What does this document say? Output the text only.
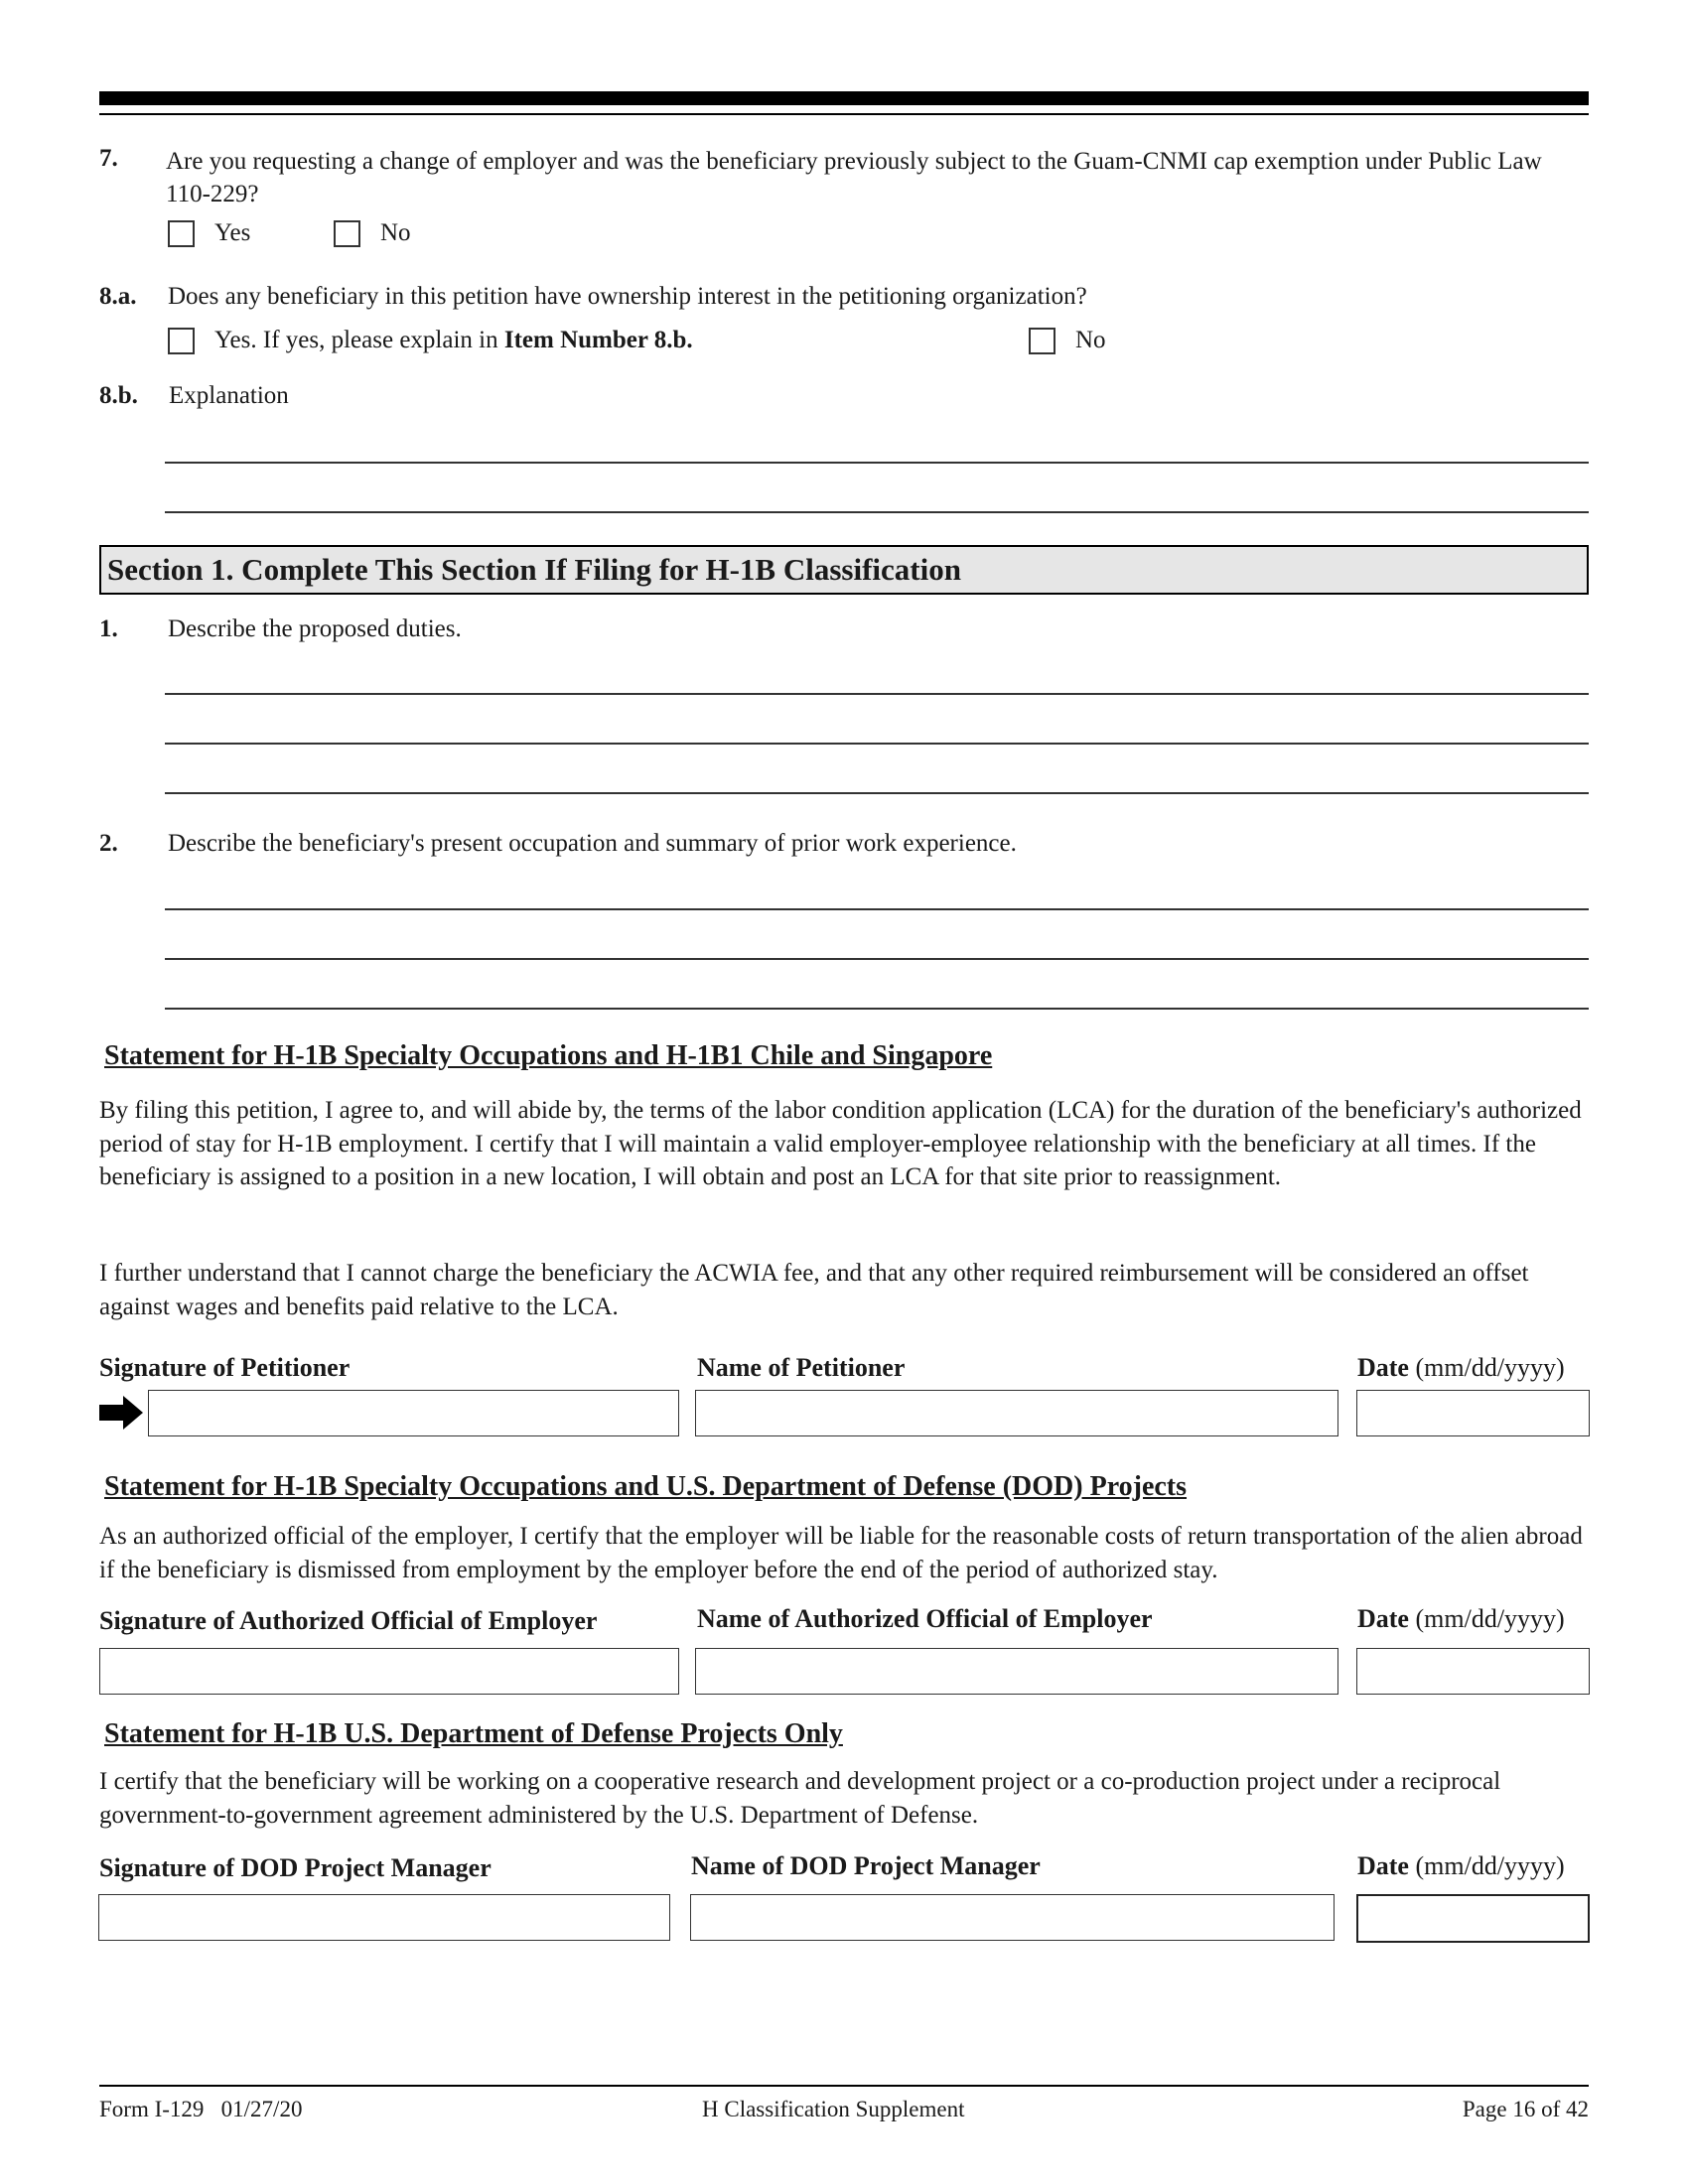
7. Are you requesting a change of employer and was the beneficiary previously subject to the Guam-CNMI cap exemption under Public Law 110-229?
Yes	No
8.a. Does any beneficiary in this petition have ownership interest in the petitioning organization?
Yes. If yes, please explain in Item Number 8.b.	No
8.b. Explanation
Section 1. Complete This Section If Filing for H-1B Classification
1. Describe the proposed duties.
2. Describe the beneficiary's present occupation and summary of prior work experience.
Statement for H-1B Specialty Occupations and H-1B1 Chile and Singapore
By filing this petition, I agree to, and will abide by, the terms of the labor condition application (LCA) for the duration of the beneficiary's authorized period of stay for H-1B employment. I certify that I will maintain a valid employer-employee relationship with the beneficiary at all times. If the beneficiary is assigned to a position in a new location, I will obtain and post an LCA for that site prior to reassignment.
I further understand that I cannot charge the beneficiary the ACWIA fee, and that any other required reimbursement will be considered an offset against wages and benefits paid relative to the LCA.
Signature of Petitioner	Name of Petitioner	Date (mm/dd/yyyy)
Statement for H-1B Specialty Occupations and U.S. Department of Defense (DOD) Projects
As an authorized official of the employer, I certify that the employer will be liable for the reasonable costs of return transportation of the alien abroad if the beneficiary is dismissed from employment by the employer before the end of the period of authorized stay.
Signature of Authorized Official of Employer	Name of Authorized Official of Employer	Date (mm/dd/yyyy)
Statement for H-1B U.S. Department of Defense Projects Only
I certify that the beneficiary will be working on a cooperative research and development project or a co-production project under a reciprocal government-to-government agreement administered by the U.S. Department of Defense.
Signature of DOD Project Manager	Name of DOD Project Manager	Date (mm/dd/yyyy)
Form I-129   01/27/20	H Classification Supplement	Page 16 of 42
